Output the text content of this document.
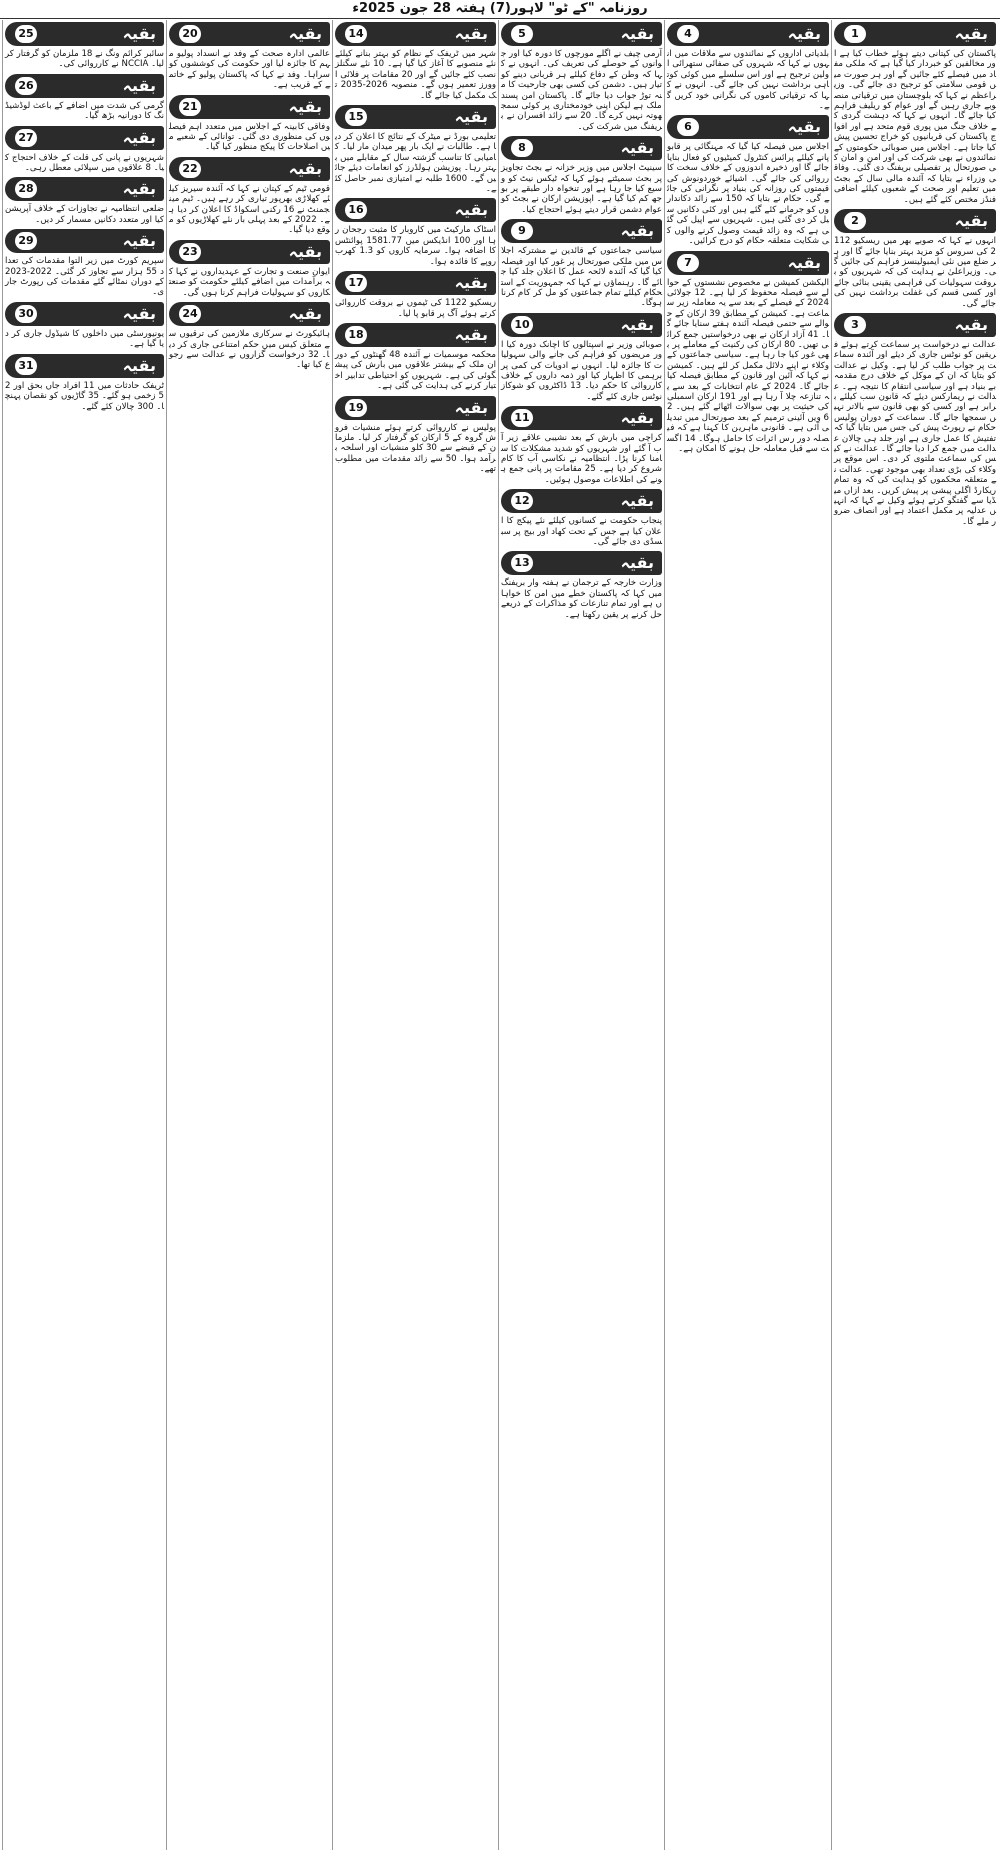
روزنامہ "کے ٹو" لاہور(7) ہفتہ 28 جون 2025ء
بقیہ
1

پاکستان کی کپتانی دیتے ہوئے خطاب کیا ہے اور مخالفین کو خبردار کیا گیا ہے کہ ملکی مفاد میں فیصلے کئے جائیں گے اور ہر صورت میں قومی سلامتی کو ترجیح دی جائے گی۔ وزیراعظم نے کہا کہ بلوچستان میں ترقیاتی منصوبے جاری رہیں گے اور عوام کو ریلیف فراہم کیا جائے گا۔ انہوں نے کہا کہ دہشت گردی کے خلاف جنگ میں پوری قوم متحد ہے اور افواج پاکستان کی قربانیوں کو خراج تحسین پیش کیا جاتا ہے۔ اجلاس میں صوبائی حکومتوں کے نمائندوں نے بھی شرکت کی اور امن و امان کی صورتحال پر تفصیلی بریفنگ دی گئی۔ وفاقی وزراء نے بتایا کہ آئندہ مالی سال کے بجٹ میں تعلیم اور صحت کے شعبوں کیلئے اضافی فنڈز مختص کئے گئے ہیں۔

بقیہ
2

انہوں نے کہا کہ صوبے بھر میں ریسکیو 1122 کی سروس کو مزید بہتر بنایا جائے گا اور ہر ضلع میں نئی ایمبولینسز فراہم کی جائیں گی۔ وزیراعلیٰ نے ہدایت کی کہ شہریوں کو بروقت سہولیات کی فراہمی یقینی بنائی جائے اور کسی قسم کی غفلت برداشت نہیں کی جائے گی۔

بقیہ
3

عدالت نے درخواست پر سماعت کرتے ہوئے فریقین کو نوٹس جاری کر دیئے اور آئندہ سماعت پر جواب طلب کر لیا ہے۔ وکیل نے عدالت کو بتایا کہ ان کے موکل کے خلاف درج مقدمہ بے بنیاد ہے اور سیاسی انتقام کا نتیجہ ہے۔ عدالت نے ریمارکس دیئے کہ قانون سب کیلئے برابر ہے اور کسی کو بھی قانون سے بالاتر نہیں سمجھا جائے گا۔ سماعت کے دوران پولیس حکام نے رپورٹ پیش کی جس میں بتایا گیا کہ تفتیش کا عمل جاری ہے اور جلد ہی چالان عدالت میں جمع کرا دیا جائے گا۔ عدالت نے کیس کی سماعت ملتوی کر دی۔ اس موقع پر وکلاء کی بڑی تعداد بھی موجود تھی۔ عدالت نے متعلقہ محکموں کو ہدایت کی کہ وہ تمام ریکارڈ اگلی پیشی پر پیش کریں۔ بعد ازاں میڈیا سے گفتگو کرتے ہوئے وکیل نے کہا کہ انہیں عدلیہ پر مکمل اعتماد ہے اور انصاف ضرور ملے گا۔

بقیہ
4

بلدیاتی اداروں کے نمائندوں سے ملاقات میں انہوں نے کہا کہ شہروں کی صفائی ستھرائی اولین ترجیح ہے اور اس سلسلے میں کوئی کوتاہی برداشت نہیں کی جائے گی۔ انہوں نے کہا کہ ترقیاتی کاموں کی نگرانی خود کریں گے۔

بقیہ
6

اجلاس میں فیصلہ کیا گیا کہ مہنگائی پر قابو پانے کیلئے پرائس کنٹرول کمیٹیوں کو فعال بنایا جائے گا اور ذخیرہ اندوزوں کے خلاف سخت کارروائی کی جائے گی۔ اشیائے خوردونوش کی قیمتوں کی روزانہ کی بنیاد پر نگرانی کی جائے گی۔ حکام نے بتایا کہ 150 سے زائد دکانداروں کو جرمانے کئے گئے ہیں اور کئی دکانیں سیل کر دی گئی ہیں۔ شہریوں سے اپیل کی گئی ہے کہ وہ زائد قیمت وصول کرنے والوں کی شکایت متعلقہ حکام کو درج کرائیں۔

بقیہ
7

الیکشن کمیشن نے مخصوص نشستوں کے حوالے سے فیصلہ محفوظ کر لیا ہے۔ 12 جولائی 2024 کے فیصلے کے بعد سے یہ معاملہ زیر سماعت ہے۔ کمیشن کے مطابق 39 ارکان کے حوالے سے حتمی فیصلہ آئندہ ہفتے سنایا جائے گا۔ 41 آزاد ارکان نے بھی درخواستیں جمع کرائی تھیں۔ 80 ارکان کی رکنیت کے معاملے پر بھی غور کیا جا رہا ہے۔ سیاسی جماعتوں کے وکلاء نے اپنے دلائل مکمل کر لئے ہیں۔ کمیشن نے کہا کہ آئین اور قانون کے مطابق فیصلہ کیا جائے گا۔ 2024 کے عام انتخابات کے بعد سے یہ تنازعہ چلا آ رہا ہے اور 191 ارکان اسمبلی کی حیثیت پر بھی سوالات اٹھائے گئے ہیں۔ 26 ویں آئینی ترمیم کے بعد صورتحال میں تبدیلی آئی ہے۔ قانونی ماہرین کا کہنا ہے کہ فیصلہ دور رس اثرات کا حامل ہوگا۔ 14 اگست سے قبل معاملہ حل ہونے کا امکان ہے۔

بقیہ
5

آرمی چیف نے اگلے مورچوں کا دورہ کیا اور جوانوں کے حوصلے کی تعریف کی۔ انہوں نے کہا کہ وطن کے دفاع کیلئے ہر قربانی دینے کو تیار ہیں۔ دشمن کی کسی بھی جارحیت کا منہ توڑ جواب دیا جائے گا۔ پاکستان امن پسند ملک ہے لیکن اپنی خودمختاری پر کوئی سمجھوتہ نہیں کرے گا۔ 20 سے زائد افسران نے بریفنگ میں شرکت کی۔

بقیہ
8

سینیٹ اجلاس میں وزیر خزانہ نے بجٹ تجاویز پر بحث سمیٹتے ہوئے کہا کہ ٹیکس نیٹ کو وسیع کیا جا رہا ہے اور تنخواہ دار طبقے پر بوجھ کم کیا گیا ہے۔ اپوزیشن ارکان نے بجٹ کو عوام دشمن قرار دیتے ہوئے احتجاج کیا۔

بقیہ
9

سیاسی جماعتوں کے قائدین نے مشترکہ اجلاس میں ملکی صورتحال پر غور کیا اور فیصلہ کیا گیا کہ آئندہ لائحہ عمل کا اعلان جلد کیا جائے گا۔ رہنماؤں نے کہا کہ جمہوریت کے استحکام کیلئے تمام جماعتوں کو مل کر کام کرنا ہوگا۔

بقیہ
10

صوبائی وزیر نے اسپتالوں کا اچانک دورہ کیا اور مریضوں کو فراہم کی جانے والی سہولیات کا جائزہ لیا۔ انہوں نے ادویات کی کمی پر برہمی کا اظہار کیا اور ذمہ داروں کے خلاف کارروائی کا حکم دیا۔ 13 ڈاکٹروں کو شوکاز نوٹس جاری کئے گئے۔

بقیہ
11

کراچی میں بارش کے بعد نشیبی علاقے زیر آب آ گئے اور شہریوں کو شدید مشکلات کا سامنا کرنا پڑا۔ انتظامیہ نے نکاسی آب کا کام شروع کر دیا ہے۔ 25 مقامات پر پانی جمع ہونے کی اطلاعات موصول ہوئیں۔

بقیہ
12

پنجاب حکومت نے کسانوں کیلئے نئے پیکج کا اعلان کیا ہے جس کے تحت کھاد اور بیج پر سبسڈی دی جائے گی۔

بقیہ
13

وزارت خارجہ کے ترجمان نے ہفتہ وار بریفنگ میں کہا کہ پاکستان خطے میں امن کا خواہاں ہے اور تمام تنازعات کو مذاکرات کے ذریعے حل کرنے پر یقین رکھتا ہے۔

بقیہ
14

شہر میں ٹریفک کے نظام کو بہتر بنانے کیلئے نئے منصوبے کا آغاز کیا گیا ہے۔ 10 نئے سگنلز نصب کئے جائیں گے اور 20 مقامات پر فلائی اوورز تعمیر ہوں گے۔ منصوبہ 2026-2035 تک مکمل کیا جائے گا۔

بقیہ
15

تعلیمی بورڈ نے میٹرک کے نتائج کا اعلان کر دیا ہے۔ طالبات نے ایک بار پھر میدان مار لیا۔ کامیابی کا تناسب گزشتہ سال کے مقابلے میں بہتر رہا۔ پوزیشن ہولڈرز کو انعامات دیئے جائیں گے۔ 1600 طلبہ نے امتیازی نمبر حاصل کئے۔

بقیہ
16

اسٹاک مارکیٹ میں کاروبار کا مثبت رجحان رہا اور 100 انڈیکس میں 1581.77 پوائنٹس کا اضافہ ہوا۔ سرمایہ کاروں کو 1.3 کھرب روپے کا فائدہ ہوا۔

بقیہ
17

ریسکیو 1122 کی ٹیموں نے بروقت کارروائی کرتے ہوئے آگ پر قابو پا لیا۔

بقیہ
18

محکمہ موسمیات نے آئندہ 48 گھنٹوں کے دوران ملک کے بیشتر علاقوں میں بارش کی پیشگوئی کی ہے۔ شہریوں کو احتیاطی تدابیر اختیار کرنے کی ہدایت کی گئی ہے۔

بقیہ
19

پولیس نے کارروائی کرتے ہوئے منشیات فروش گروہ کے 5 ارکان کو گرفتار کر لیا۔ ملزمان کے قبضے سے 30 کلو منشیات اور اسلحہ برآمد ہوا۔ 50 سے زائد مقدمات میں مطلوب تھے۔

بقیہ
20

عالمی ادارہ صحت کے وفد نے انسداد پولیو مہم کا جائزہ لیا اور حکومت کی کوششوں کو سراہا۔ وفد نے کہا کہ پاکستان پولیو کے خاتمے کے قریب ہے۔

بقیہ
21

وفاقی کابینہ کے اجلاس میں متعدد اہم فیصلوں کی منظوری دی گئی۔ توانائی کے شعبے میں اصلاحات کا پیکج منظور کیا گیا۔

بقیہ
22

قومی ٹیم کے کپتان نے کہا کہ آئندہ سیریز کیلئے کھلاڑی بھرپور تیاری کر رہے ہیں۔ ٹیم مینجمنٹ نے 16 رکنی اسکواڈ کا اعلان کر دیا ہے۔ 2022 کے بعد پہلی بار نئے کھلاڑیوں کو موقع دیا گیا۔

بقیہ
23

ایوان صنعت و تجارت کے عہدیداروں نے کہا کہ برآمدات میں اضافے کیلئے حکومت کو صنعتکاروں کو سہولیات فراہم کرنا ہوں گی۔

بقیہ
24

ہائیکورٹ نے سرکاری ملازمین کی ترقیوں سے متعلق کیس میں حکم امتناعی جاری کر دیا۔ 32 درخواست گزاروں نے عدالت سے رجوع کیا تھا۔

بقیہ
25

سائبر کرائم ونگ نے 18 ملزمان کو گرفتار کر لیا۔ NCCIA نے کارروائی کی۔

بقیہ
26

گرمی کی شدت میں اضافے کے باعث لوڈشیڈنگ کا دورانیہ بڑھ گیا۔

بقیہ
27

شہریوں نے پانی کی قلت کے خلاف احتجاج کیا۔ 8 علاقوں میں سپلائی معطل رہی۔

بقیہ
28

ضلعی انتظامیہ نے تجاوزات کے خلاف آپریشن کیا اور متعدد دکانیں مسمار کر دیں۔

بقیہ
29

سپریم کورٹ میں زیر التوا مقدمات کی تعداد 55 ہزار سے تجاوز کر گئی۔ 2022-2023 کے دوران نمٹائے گئے مقدمات کی رپورٹ جاری۔

بقیہ
30

یونیورسٹی میں داخلوں کا شیڈول جاری کر دیا گیا ہے۔

بقیہ
31

ٹریفک حادثات میں 11 افراد جاں بحق اور 25 زخمی ہو گئے۔ 35 گاڑیوں کو نقصان پہنچا۔ 300 چالان کئے گئے۔
